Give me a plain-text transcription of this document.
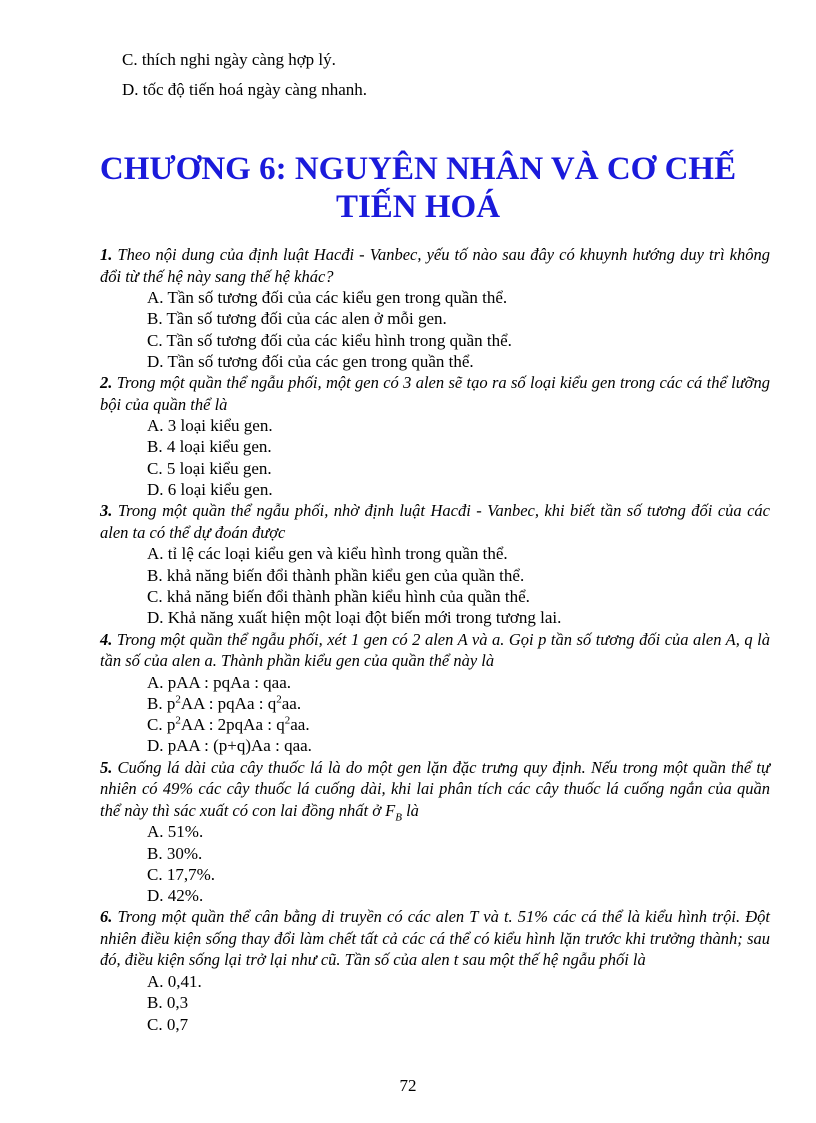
C. thích nghi ngày càng hợp lý.
D. tốc độ tiến hoá ngày càng nhanh.
CHƯƠNG 6: NGUYÊN NHÂN VÀ CƠ CHẾ
TIẾN HOÁ

1. Theo nội dung của định luật Hacđi - Vanbec, yếu tố nào sau đây có khuynh hướng duy trì không đổi từ thế hệ này sang thế hệ khác?

A. Tần số tương đối của các kiểu gen trong quần thể.
B. Tần số tương đối của các alen ở mỗi gen.
C. Tần số tương đối của các kiểu hình trong quần thể.
D. Tần số tương đối của các gen trong quần thể.

2. Trong một quần thể ngẫu phối, một gen có 3 alen sẽ tạo ra số loại kiểu gen trong các cá thể lưỡng bội của quần thể là

A. 3 loại kiểu gen.
B. 4 loại kiểu gen.
C. 5 loại kiểu gen.
D. 6 loại kiểu gen.

3. Trong một quần thể ngẫu phối, nhờ định luật Hacđi - Vanbec, khi biết tần số tương đối của các alen ta có thể dự đoán được

A. tỉ lệ các loại kiểu gen và kiểu hình trong quần thể.
B. khả năng biến đổi thành phần kiểu gen của quần thể.
C. khả năng biến đổi thành phần kiểu hình của quần thể.
D. Khả năng xuất hiện một loại đột biến mới trong tương lai.

4. Trong một quần thể ngẫu phối, xét 1 gen có 2 alen A và a. Gọi p tần số tương đối của alen A, q là tần số của alen a. Thành phần kiểu gen của quần thể này là

A. pAA : pqAa : qaa.
B. $p^2AA$ : pqAa : $q^2aa$.
C. $p^2AA$ : 2pqAa : $q^2aa$.
D. pAA : (p+q)Aa : qaa.

5. Cuống lá dài của cây thuốc lá là do một gen lặn đặc trưng quy định. Nếu trong một quần thể tự nhiên có 49% các cây thuốc lá cuống dài, khi lai phân tích các cây thuốc lá cuống ngắn của quần thể này thì sác xuất có con lai đồng nhất ở $F_B$ là

A. 51%.
B. 30%.
C. 17,7%.
D. 42%.

6. Trong một quần thể cân bằng di truyền có các alen T và t. 51% các cá thể là kiểu hình trội. Đột nhiên điều kiện sống thay đổi làm chết tất cả các cá thể có kiểu hình lặn trước khi trưởng thành; sau đó, điều kiện sống lại trở lại như cũ. Tần số của alen t sau một thế hệ ngẫu phối là

A. 0,41.
B. 0,3
C. 0,7
72
